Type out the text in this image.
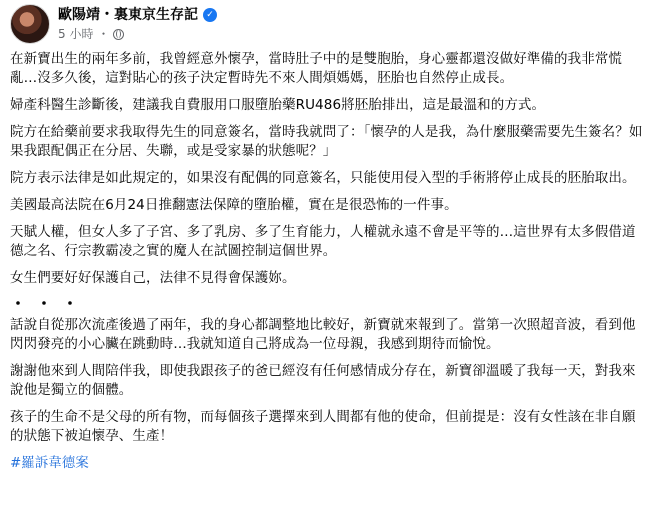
歐陽靖・裏東京生存記 ✓
5 小時 ・

在新寶出生的兩年多前，我曾經意外懷孕，當時肚子中的是雙胞胎，身心靈都還沒做好準備的我非常慌亂…沒多久後，這對貼心的孩子決定暫時先不來人間煩媽媽，胚胎也自然停止成長。

婦產科醫生診斷後，建議我自費服用口服墮胎藥RU486將胚胎排出，這是最溫和的方式。

院方在給藥前要求我取得先生的同意簽名，當時我就問了：「懷孕的人是我，為什麼服藥需要先生簽名？如果我跟配偶正在分居、失聯，或是受家暴的狀態呢？」

院方表示法律是如此規定的，如果沒有配偶的同意簽名，只能使用侵入型的手術將停止成長的胚胎取出。

美國最高法院在6月24日推翻憲法保障的墮胎權，實在是很恐怖的一件事。

天賦人權，但女人多了子宮、多了乳房、多了生育能力，人權就永遠不會是平等的…這世界有太多假借道德之名、行宗教霸凌之實的魔人在試圖控制這個世界。

女生們要好好保護自己，法律不見得會保護妳。

・・・

話說自從那次流產後過了兩年，我的身心都調整地比較好，新寶就來報到了。當第一次照超音波，看到他閃閃發亮的小心臟在跳動時…我就知道自己將成為一位母親，我感到期待而愉悅。

謝謝他來到人間陪伴我，即使我跟孩子的爸已經沒有任何感情成分存在，新寶卻溫暖了我每一天，對我來說他是獨立的個體。

孩子的生命不是父母的所有物，而每個孩子選擇來到人間都有他的使命，但前提是：沒有女性該在非自願的狀態下被迫懷孕、生產！

#羅訴韋德案
